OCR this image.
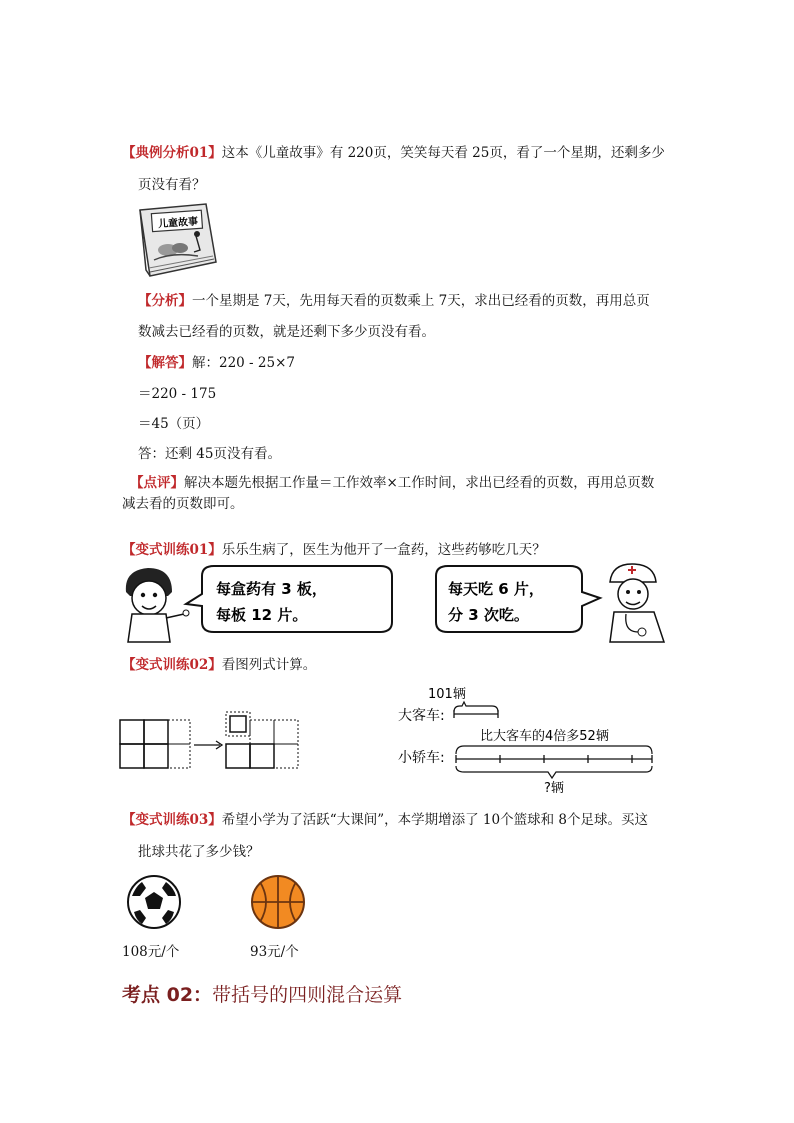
【典例分析01】这本《儿童故事》有 220页，笑笑每天看 25页，看了一个星期，还剩多少
页没有看？
儿童故事
【分析】一个星期是 7天，先用每天看的页数乘上 7天，求出已经看的页数，再用总页
数减去已经看的页数，就是还剩下多少页没有看。
【解答】解：220 - 25×7
＝220 - 175
＝45（页）
答：还剩 45页没有看。
【点评】解决本题先根据工作量＝工作效率×工作时间，求出已经看的页数，再用总页数
减去看的页数即可。
【变式训练01】乐乐生病了，医生为他开了一盒药，这些药够吃几天？
每盒药有 3 板，
每板 12 片。
每天吃 6 片，
分 3 次吃。
【变式训练02】看图列式计算。
101辆
大客车:
比大客车的4倍多52辆
小轿车:
?辆
【变式训练03】希望小学为了活跃“大课间”，本学期增添了 10个篮球和 8个足球。买这
批球共花了多少钱？
108元/个	93元/个
考点 02：带括号的四则混合运算
